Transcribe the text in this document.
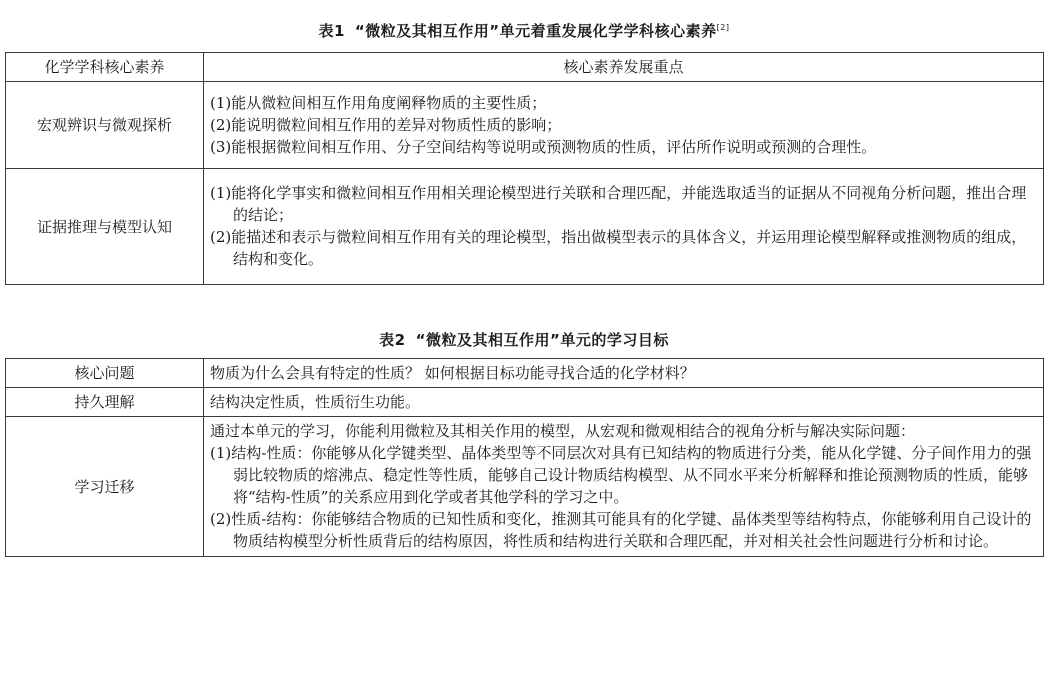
表1 “微粒及其相互作用”单元着重发展化学学科核心素养[2]
化学学科核心素养	核心素养发展重点
宏观辨识与微观探析	(1)能从微粒间相互作用角度阐释物质的主要性质；
(2)能说明微粒间相互作用的差异对物质性质的影响；
(3)能根据微粒间相互作用、分子空间结构等说明或预测物质的性质，评估所作说明或预测的合理性。

证据推理与模型认知	(1)能将化学事实和微粒间相互作用相关理论模型进行关联和合理匹配，并能选取适当的证据从不同视角分析问题，推出合理的结论；
(2)能描述和表示与微粒间相互作用有关的理论模型，指出做模型表示的具体含义，并运用理论模型解释或推测物质的组成，结构和变化。
表2 “微粒及其相互作用”单元的学习目标
核心问题	物质为什么会具有特定的性质？ 如何根据目标功能寻找合适的化学材料？
持久理解	结构决定性质，性质衍生功能。
学习迁移	通过本单元的学习，你能利用微粒及其相关作用的模型，从宏观和微观相结合的视角分析与解决实际问题：
(1)结构-性质：你能够从化学键类型、晶体类型等不同层次对具有已知结构的物质进行分类，能从化学键、分子间作用力的强弱比较物质的熔沸点、稳定性等性质，能够自己设计物质结构模型、从不同水平来分析解释和推论预测物质的性质，能够将“结构-性质”的关系应用到化学或者其他学科的学习之中。
(2)性质-结构：你能够结合物质的已知性质和变化，推测其可能具有的化学键、晶体类型等结构特点，你能够利用自己设计的物质结构模型分析性质背后的结构原因，将性质和结构进行关联和合理匹配，并对相关社会性问题进行分析和讨论。
